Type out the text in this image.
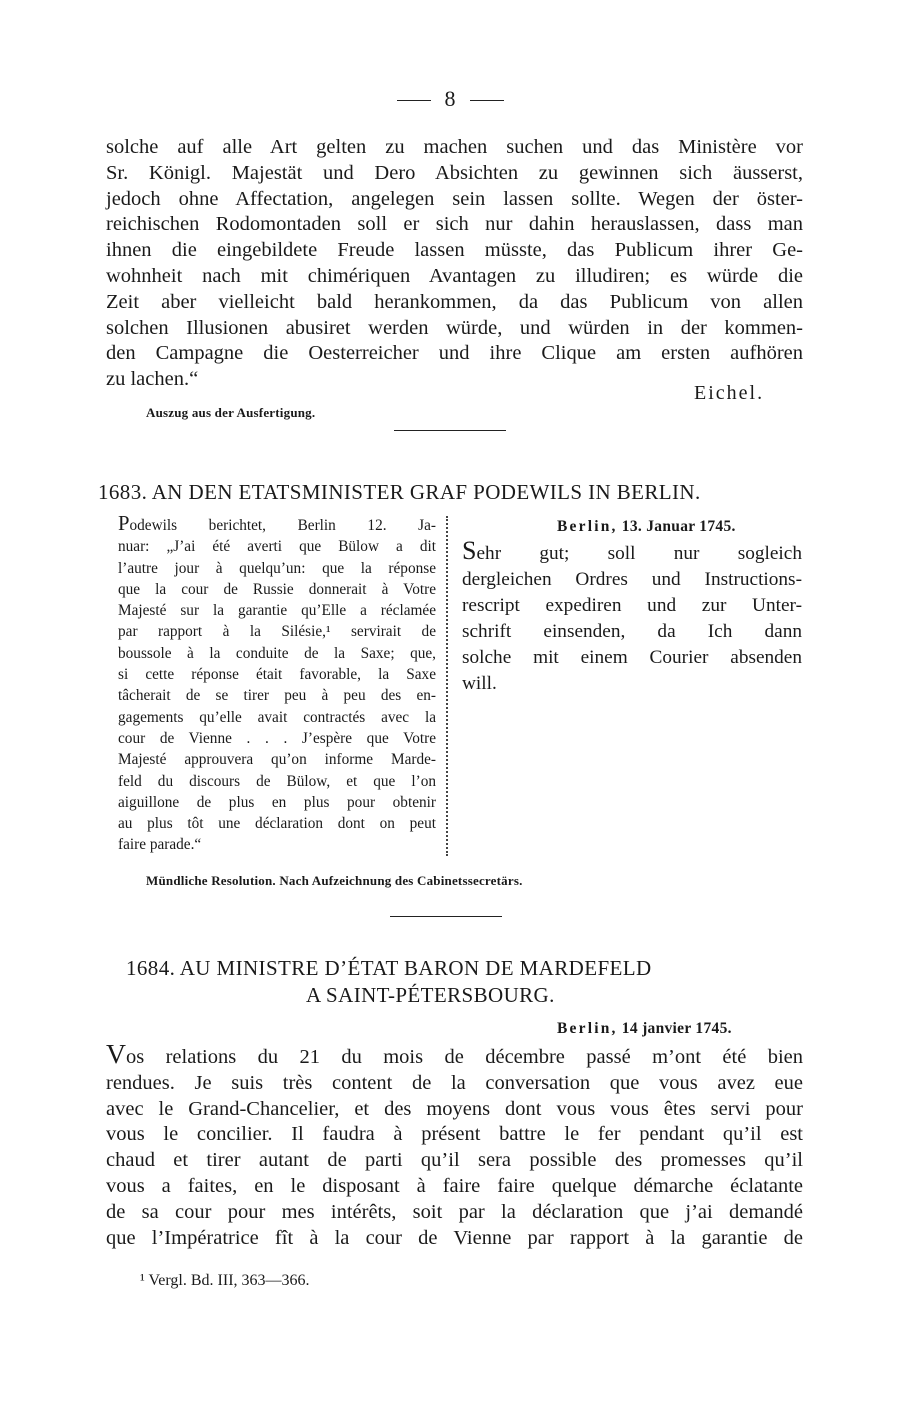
8
solche auf alle Art gelten zu machen suchen und das Ministère vor
Sr. Königl. Majestät und Dero Absichten zu gewinnen sich äusserst,
jedoch ohne Affectation, angelegen sein lassen sollte. Wegen der öster-
reichischen Rodomontaden soll er sich nur dahin herauslassen, dass man
ihnen die eingebildete Freude lassen müsste, das Publicum ihrer Ge-
wohnheit nach mit chimériquen Avantagen zu illudiren; es würde die
Zeit aber vielleicht bald herankommen, da das Publicum von allen
solchen Illusionen abusiret werden würde, und würden in der kommen-
den Campagne die Oesterreicher und ihre Clique am ersten aufhören
zu lachen.“
Eichel.
Auszug aus der Ausfertigung.
1683. AN DEN ETATSMINISTER GRAF PODEWILS IN BERLIN.
Podewils berichtet, Berlin 12. Ja-
nuar: „J’ai été averti que Bülow a dit
l’autre jour à quelqu’un: que la réponse
que la cour de Russie donnerait à Votre
Majesté sur la garantie qu’Elle a réclamée
par rapport à la Silésie,¹ servirait de
boussole à la conduite de la Saxe; que,
si cette réponse était favorable, la Saxe
tâcherait de se tirer peu à peu des en-
gagements qu’elle avait contractés avec la
cour de Vienne . . . J’espère que Votre
Majesté approuvera qu’on informe Marde-
feld du discours de Bülow, et que l’on
aiguillone de plus en plus pour obtenir
au plus tôt une déclaration dont on peut
faire parade.“
Berlin, 13. Januar 1745.
Sehr gut; soll nur sogleich
dergleichen Ordres und Instructions-
rescript expediren und zur Unter-
schrift einsenden, da Ich dann
solche mit einem Courier absenden
will.
Mündliche Resolution. Nach Aufzeichnung des Cabinetssecretärs.
1684. AU MINISTRE D’ÉTAT BARON DE MARDEFELD
A SAINT-PÉTERSBOURG.
Berlin, 14 janvier 1745.
Vos relations du 21 du mois de décembre passé m’ont été bien
rendues. Je suis très content de la conversation que vous avez eue
avec le Grand-Chancelier, et des moyens dont vous vous êtes servi pour
vous le concilier. Il faudra à présent battre le fer pendant qu’il est
chaud et tirer autant de parti qu’il sera possible des promesses qu’il
vous a faites, en le disposant à faire faire quelque démarche éclatante
de sa cour pour mes intérêts, soit par la déclaration que j’ai demandé
que l’Impératrice fît à la cour de Vienne par rapport à la garantie de
¹ Vergl. Bd. III, 363—366.
